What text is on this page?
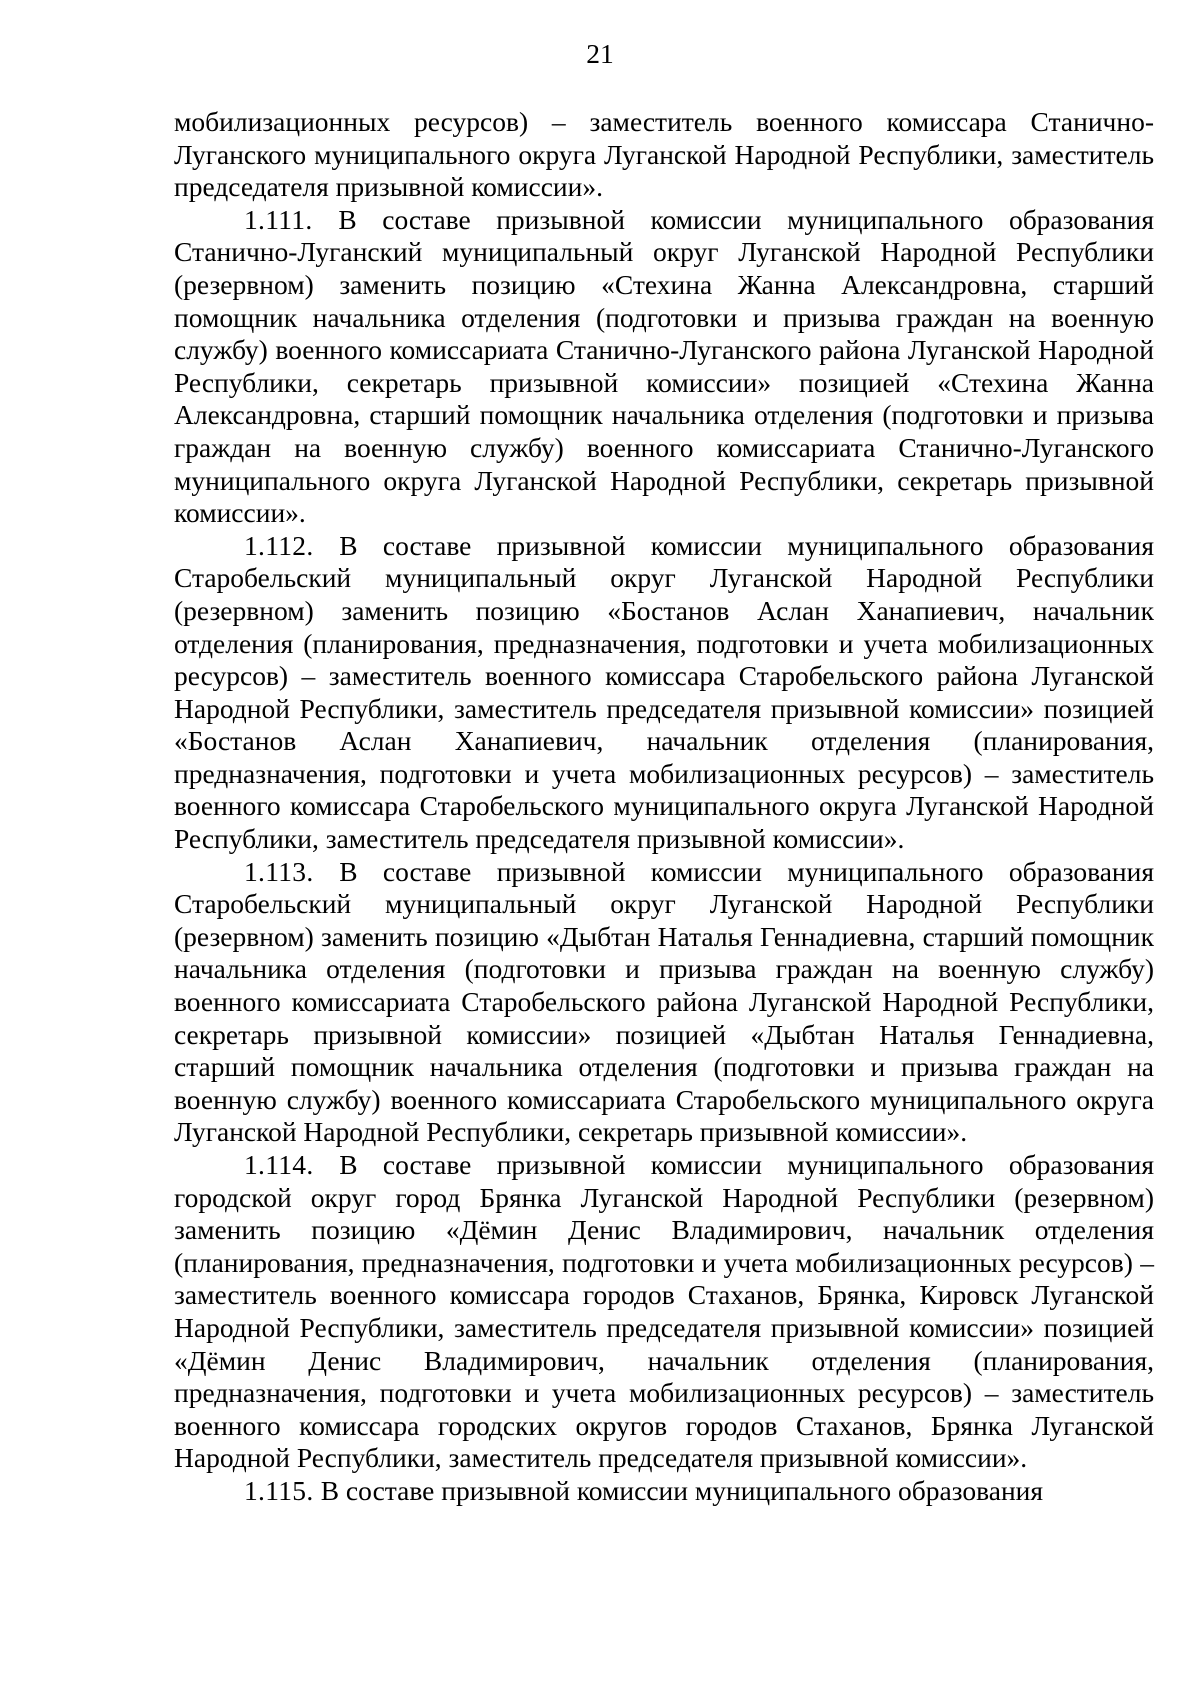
21

мобилизационных ресурсов) – заместитель военного комиссара Станично-Луганского муниципального округа Луганской Народной Республики, заместитель председателя призывной комиссии».

1.111. В составе призывной комиссии муниципального образования Станично-Луганский муниципальный округ Луганской Народной Республики (резервном) заменить позицию «Стехина Жанна Александровна, старший помощник начальника отделения (подготовки и призыва граждан на военную службу) военного комиссариата Станично-Луганского района Луганской Народной Республики, секретарь призывной комиссии» позицией «Стехина Жанна Александровна, старший помощник начальника отделения (подготовки и призыва граждан на военную службу) военного комиссариата Станично-Луганского муниципального округа Луганской Народной Республики, секретарь призывной комиссии».

1.112. В составе призывной комиссии муниципального образования Старобельский муниципальный округ Луганской Народной Республики (резервном) заменить позицию «Бостанов Аслан Ханапиевич, начальник отделения (планирования, предназначения, подготовки и учета мобилизационных ресурсов) – заместитель военного комиссара Старобельского района Луганской Народной Республики, заместитель председателя призывной комиссии» позицией «Бостанов Аслан Ханапиевич, начальник отделения (планирования, предназначения, подготовки и учета мобилизационных ресурсов) – заместитель военного комиссара Старобельского муниципального округа Луганской Народной Республики, заместитель председателя призывной комиссии».

1.113. В составе призывной комиссии муниципального образования Старобельский муниципальный округ Луганской Народной Республики (резервном) заменить позицию «Дыбтан Наталья Геннадиевна, старший помощник начальника отделения (подготовки и призыва граждан на военную службу) военного комиссариата Старобельского района Луганской Народной Республики, секретарь призывной комиссии» позицией «Дыбтан Наталья Геннадиевна, старший помощник начальника отделения (подготовки и призыва граждан на военную службу) военного комиссариата Старобельского муниципального округа Луганской Народной Республики, секретарь призывной комиссии».

1.114. В составе призывной комиссии муниципального образования городской округ город Брянка Луганской Народной Республики (резервном) заменить позицию «Дёмин Денис Владимирович, начальник отделения (планирования, предназначения, подготовки и учета мобилизационных ресурсов) – заместитель военного комиссара городов Стаханов, Брянка, Кировск Луганской Народной Республики, заместитель председателя призывной комиссии» позицией «Дёмин Денис Владимирович, начальник отделения (планирования, предназначения, подготовки и учета мобилизационных ресурсов) – заместитель военного комиссара городских округов городов Стаханов, Брянка Луганской Народной Республики, заместитель председателя призывной комиссии».

1.115. В составе призывной комиссии муниципального образования
